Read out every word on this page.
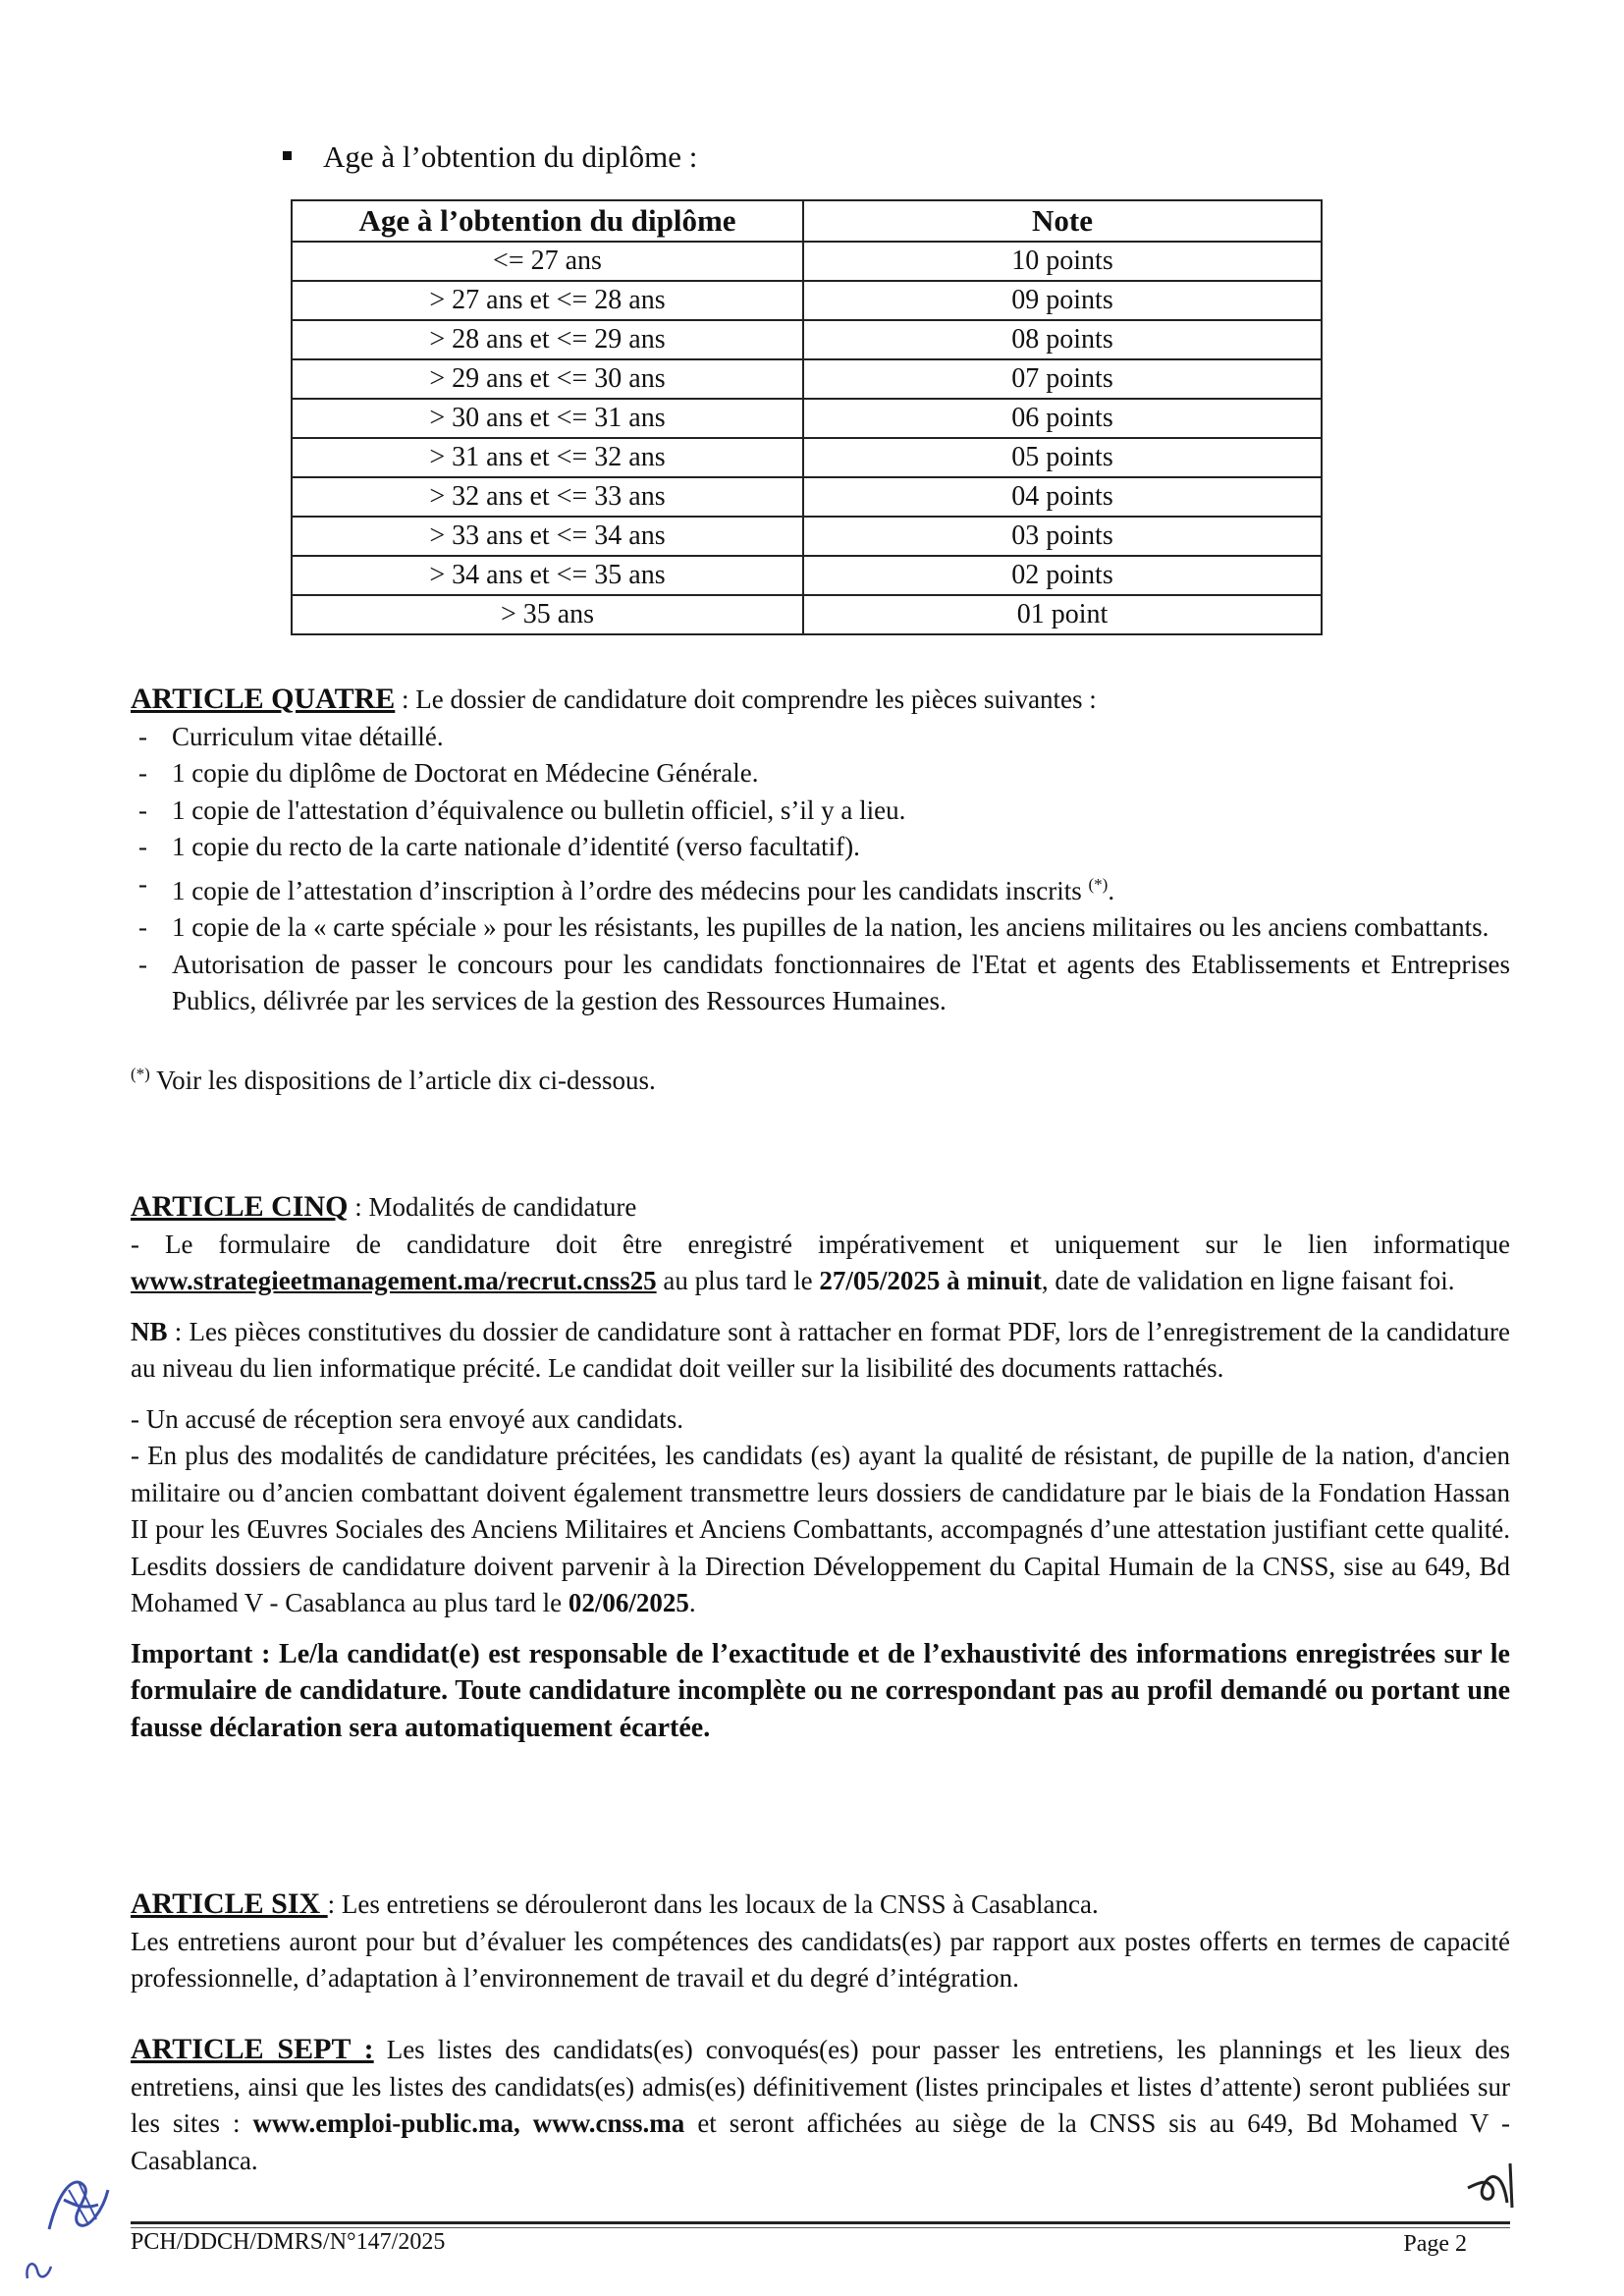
Age à l’obtention du diplôme :
Age à l’obtention du diplôme	Note
<= 27 ans	10 points
> 27 ans et <= 28 ans	09 points
> 28 ans et <= 29 ans	08 points
> 29 ans et <= 30 ans	07 points
> 30 ans et <= 31 ans	06 points
> 31 ans et <= 32 ans	05 points
> 32 ans et <= 33 ans	04 points
> 33 ans et <= 34 ans	03 points
> 34 ans et <= 35 ans	02 points
> 35 ans	01 point

ARTICLE QUATRE : Le dossier de candidature doit comprendre les pièces suivantes :

- Curriculum vitae détaillé.
- 1 copie du diplôme de Doctorat en Médecine Générale.
- 1 copie de l'attestation d’équivalence ou bulletin officiel, s’il y a lieu.
- 1 copie du recto de la carte nationale d’identité (verso facultatif).
- 1 copie de l’attestation d’inscription à l’ordre des médecins pour les candidats inscrits (*).
- 1 copie de la « carte spéciale » pour les résistants, les pupilles de la nation, les anciens militaires ou les anciens combattants.
- Autorisation de passer le concours pour les candidats fonctionnaires de l'Etat et agents des Etablissements et Entreprises Publics, délivrée par les services de la gestion des Ressources Humaines.

(*) Voir les dispositions de l’article dix ci-dessous.

ARTICLE CINQ : Modalités de candidature

- Le formulaire de candidature doit être enregistré impérativement et uniquement sur le lien informatique www.strategieetmanagement.ma/recrut.cnss25 au plus tard le 27/05/2025 à minuit, date de validation en ligne faisant foi.

NB : Les pièces constitutives du dossier de candidature sont à rattacher en format PDF, lors de l’enregistrement de la candidature au niveau du lien informatique précité. Le candidat doit veiller sur la lisibilité des documents rattachés.

- Un accusé de réception sera envoyé aux candidats.

- En plus des modalités de candidature précitées, les candidats (es) ayant la qualité de résistant, de pupille de la nation, d'ancien militaire ou d’ancien combattant doivent également transmettre leurs dossiers de candidature par le biais de la Fondation Hassan II pour les Œuvres Sociales des Anciens Militaires et Anciens Combattants, accompagnés d’une attestation justifiant cette qualité. Lesdits dossiers de candidature doivent parvenir à la Direction Développement du Capital Humain de la CNSS, sise au 649, Bd Mohamed V - Casablanca au plus tard le 02/06/2025.

Important : Le/la candidat(e) est responsable de l’exactitude et de l’exhaustivité des informations enregistrées sur le formulaire de candidature. Toute candidature incomplète ou ne correspondant pas au profil demandé ou portant une fausse déclaration sera automatiquement écartée.

ARTICLE SIX : Les entretiens se dérouleront dans les locaux de la CNSS à Casablanca.

Les entretiens auront pour but d’évaluer les compétences des candidats(es) par rapport aux postes offerts en termes de capacité professionnelle, d’adaptation à l’environnement de travail et du degré d’intégration.

ARTICLE SEPT : Les listes des candidats(es) convoqués(es) pour passer les entretiens, les plannings et les lieux des entretiens, ainsi que les listes des candidats(es) admis(es) définitivement (listes principales et listes d’attente) seront publiées sur les sites : www.emploi-public.ma, www.cnss.ma et seront affichées au siège de la CNSS sis au 649, Bd Mohamed V - Casablanca.

PCH/DDCH/DMRS/N°147/2025	Page 2
